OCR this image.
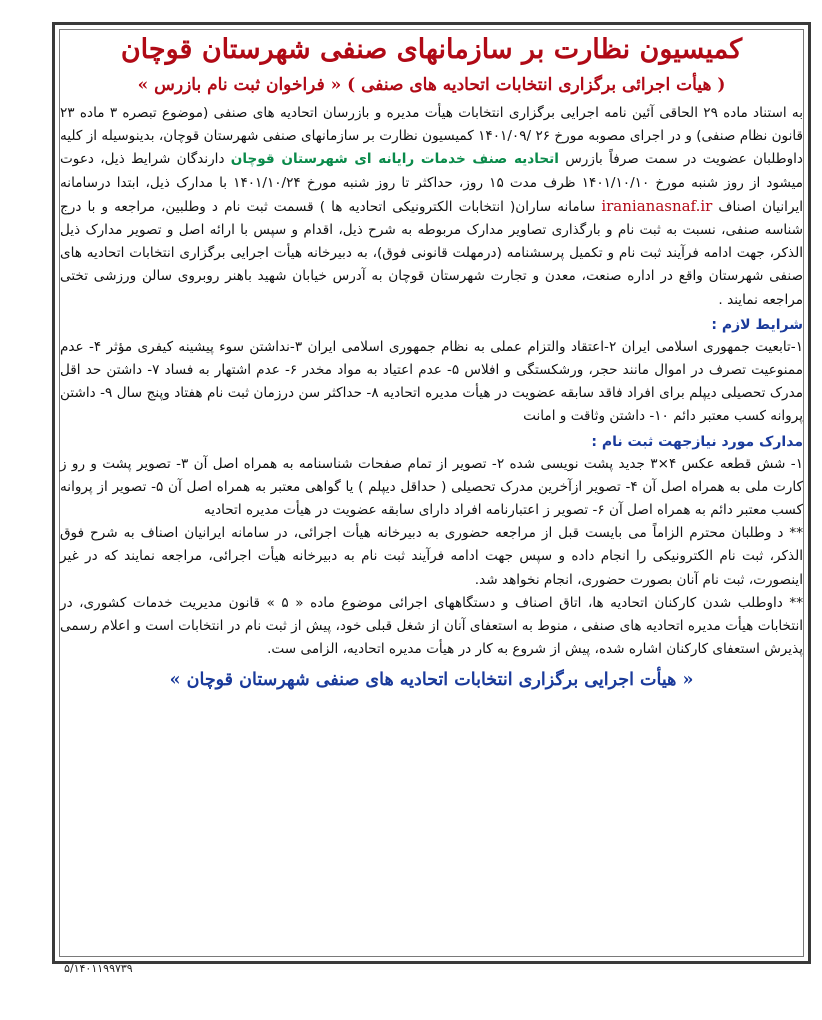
کمیسیون نظارت بر سازمانهای صنفی شهرستان قوچان
( هیأت اجرائی برگزاری انتخابات اتحادیه های صنفی ) « فراخوان ثبت نام بازرس »

به استناد ماده ۲۹ الحاقی آئین نامه اجرایی برگزاری انتخابات هیأت مدیره و بازرسان اتحادیه های صنفی (موضوع تبصره ۳ ماده ۲۳ قانون نظام صنفی) و در اجرای مصوبه مورخ ۲۶ /۱۴۰۱/۰۹ کمیسیون نظارت بر سازمانهای صنفی شهرستان قوچان، بدینوسیله از کلیه داوطلبان عضویت در سمت صرفاً بازرس اتحادیه صنف خدمات رایانه ای شهرستان قوچان دارندگان شرایط ذیل، دعوت میشود از روز شنبه مورخ ۱۴۰۱/۱۰/۱۰ ظرف مدت ۱۵ روز، حداکثر تا روز شنبه مورخ ۱۴۰۱/۱۰/۲۴ با مدارک ذیل، ابتدا درسامانه ایرانیان اصناف iranianasnaf.ir سامانه ساران( انتخابات الکترونیکی اتحادیه ها ) قسمت ثبت نام د وطلبین، مراجعه و با درج شناسه صنفی، نسبت به ثبت نام و بارگذاری تصاویر مدارک مربوطه به شرح ذیل، اقدام و سپس با ارائه اصل و تصویر مدارک ذیل الذکر، جهت ادامه فرآیند ثبت نام و تکمیل پرسشنامه (درمهلت قانونی فوق)، به دبیرخانه هیأت اجرایی برگزاری انتخابات اتحادیه های صنفی شهرستان واقع در اداره صنعت، معدن و تجارت شهرستان قوچان به آدرس خیابان شهید باهنر روبروی سالن ورزشی تختی مراجعه نمایند .

شرایط لازم :

۱-تابعیت جمهوری اسلامی ایران ۲-اعتقاد والتزام عملی به نظام جمهوری اسلامی ایران ۳-نداشتن سوء پیشینه کیفری مؤثر ۴- عدم ممنوعیت تصرف در اموال مانند حجر، ورشکستگی و افلاس ۵- عدم اعتیاد به مواد مخدر ۶- عدم اشتهار به فساد ۷- داشتن حد اقل مدرک تحصیلی دیپلم برای افراد فاقد سابقه عضویت در هیأت مدیره اتحادیه ۸- حداکثر سن درزمان ثبت نام هفتاد وپنج سال ۹- داشتن پروانه کسب معتبر دائم ۱۰- داشتن وثاقت و امانت

مدارک مورد نیازجهت ثبت نام :

۱- شش قطعه عکس ۴×۳ جدید پشت نویسی شده ۲- تصویر از تمام صفحات شناسنامه به همراه اصل آن ۳- تصویر پشت و رو ز کارت ملی به همراه اصل آن ۴- تصویر ازآخرین مدرک تحصیلی ( حداقل دیپلم ) یا گواهی معتبر به همراه اصل آن ۵- تصویر از پروانه کسب معتبر دائم به همراه اصل آن ۶- تصویر ز اعتبارنامه افراد دارای سابقه عضویت در هیأت مدیره اتحادیه

** د وطلبان محترم الزاماً می بایست قبل از مراجعه حضوری به دبیرخانه هیأت اجرائی، در سامانه ایرانیان اصناف به شرح فوق الذکر، ثبت نام الکترونیکی را انجام داده و سپس جهت ادامه فرآیند ثبت نام به دبیرخانه هیأت اجرائی، مراجعه نمایند که در غیر اینصورت، ثبت نام آنان بصورت حضوری، انجام نخواهد شد.

** داوطلب شدن کارکنان اتحادیه ها، اتاق اصناف و دستگاههای اجرائی موضوع ماده « ۵ » قانون مدیریت خدمات کشوری، در انتخابات هیأت مدیره اتحادیه های صنفی ، منوط به استعفای آنان از شغل قبلی خود، پیش از ثبت نام در انتخابات است و اعلام رسمی پذیرش استعفای کارکنان اشاره شده، پیش از شروع به کار در هیأت مدیره اتحادیه، الزامی ست.

« هیأت اجرایی برگزاری انتخابات اتحادیه های صنفی شهرستان قوچان »
۵/۱۴۰۱۱۹۹۷۳۹
